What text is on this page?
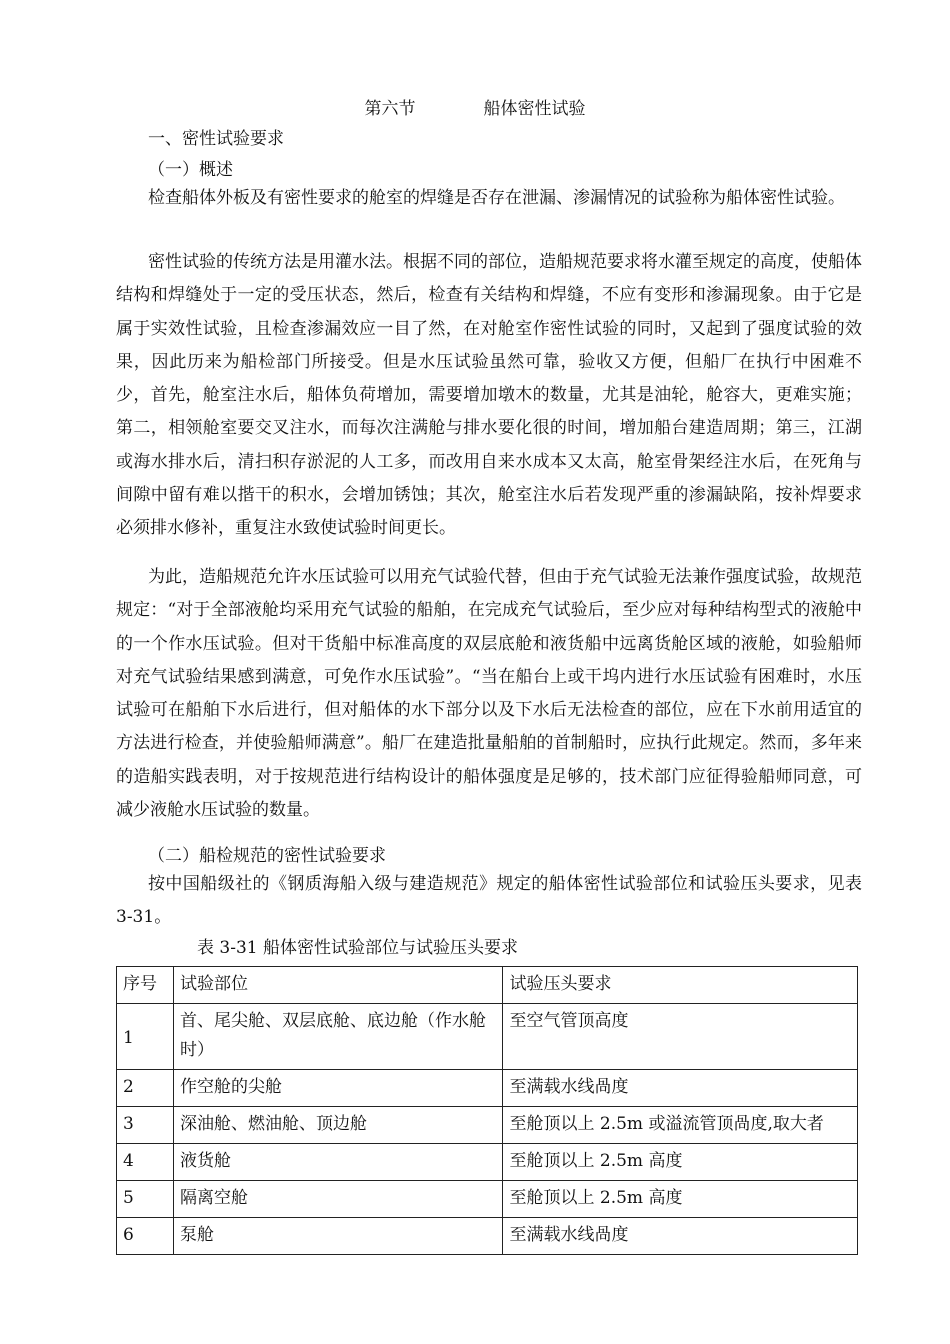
第六节	船体密性试验
一、密性试验要求
（一）概述
检查船体外板及有密性要求的舱室的焊缝是否存在泄漏、渗漏情况的试验称为船体密性试验。
密性试验的传统方法是用灌水法。根据不同的部位，造船规范要求将水灌至规定的高度，使船体结构和焊缝处于一定的受压状态，然后，检查有关结构和焊缝，不应有变形和渗漏现象。由于它是属于实效性试验，且检查渗漏效应一目了然，在对舱室作密性试验的同时，又起到了强度试验的效果，因此历来为船检部门所接受。但是水压试验虽然可靠，验收又方便，但船厂在执行中困难不少，首先，舱室注水后，船体负荷增加，需要增加墩木的数量，尤其是油轮，舱容大，更难实施；第二，相领舱室要交叉注水，而每次注满舱与排水要化很的时间，增加船台建造周期；第三，江湖或海水排水后，清扫积存淤泥的人工多，而改用自来水成本又太高，舱室骨架经注水后，在死角与间隙中留有难以揩干的积水，会增加锈蚀；其次，舱室注水后若发现严重的渗漏缺陷，按补焊要求必须排水修补，重复注水致使试验时间更长。
为此，造船规范允许水压试验可以用充气试验代替，但由于充气试验无法兼作强度试验，故规范规定：“对于全部液舱均采用充气试验的船舶，在完成充气试验后，至少应对每种结构型式的液舱中的一个作水压试验。但对干货船中标准高度的双层底舱和液货船中远离货舱区域的液舱，如验船师对充气试验结果感到满意，可免作水压试验”。“当在船台上或干坞内进行水压试验有困难时，水压试验可在船舶下水后进行，但对船体的水下部分以及下水后无法检查的部位，应在下水前用适宜的方法进行检查，并使验船师满意”。船厂在建造批量船舶的首制船时，应执行此规定。然而，多年来的造船实践表明，对于按规范进行结构设计的船体强度是足够的，技术部门应征得验船师同意，可减少液舱水压试验的数量。
（二）船检规范的密性试验要求
按中国船级社的《钢质海船入级与建造规范》规定的船体密性试验部位和试验压头要求，见表 3-31。
表 3-31 船体密性试验部位与试验压头要求
序号	试验部位	试验压头要求
1	首、尾尖舱、双层底舱、底边舱（作水舱时）	至空气管顶高度
2	作空舱的尖舱	至满载水线咼度
3	深油舱、燃油舱、顶边舱	至舱顶以上 2.5m 或溢流管顶咼度,取大者
4	液货舱	至舱顶以上 2.5m 高度
5	隔离空舱	至舱顶以上 2.5m 高度
6	泵舱	至满载水线咼度
